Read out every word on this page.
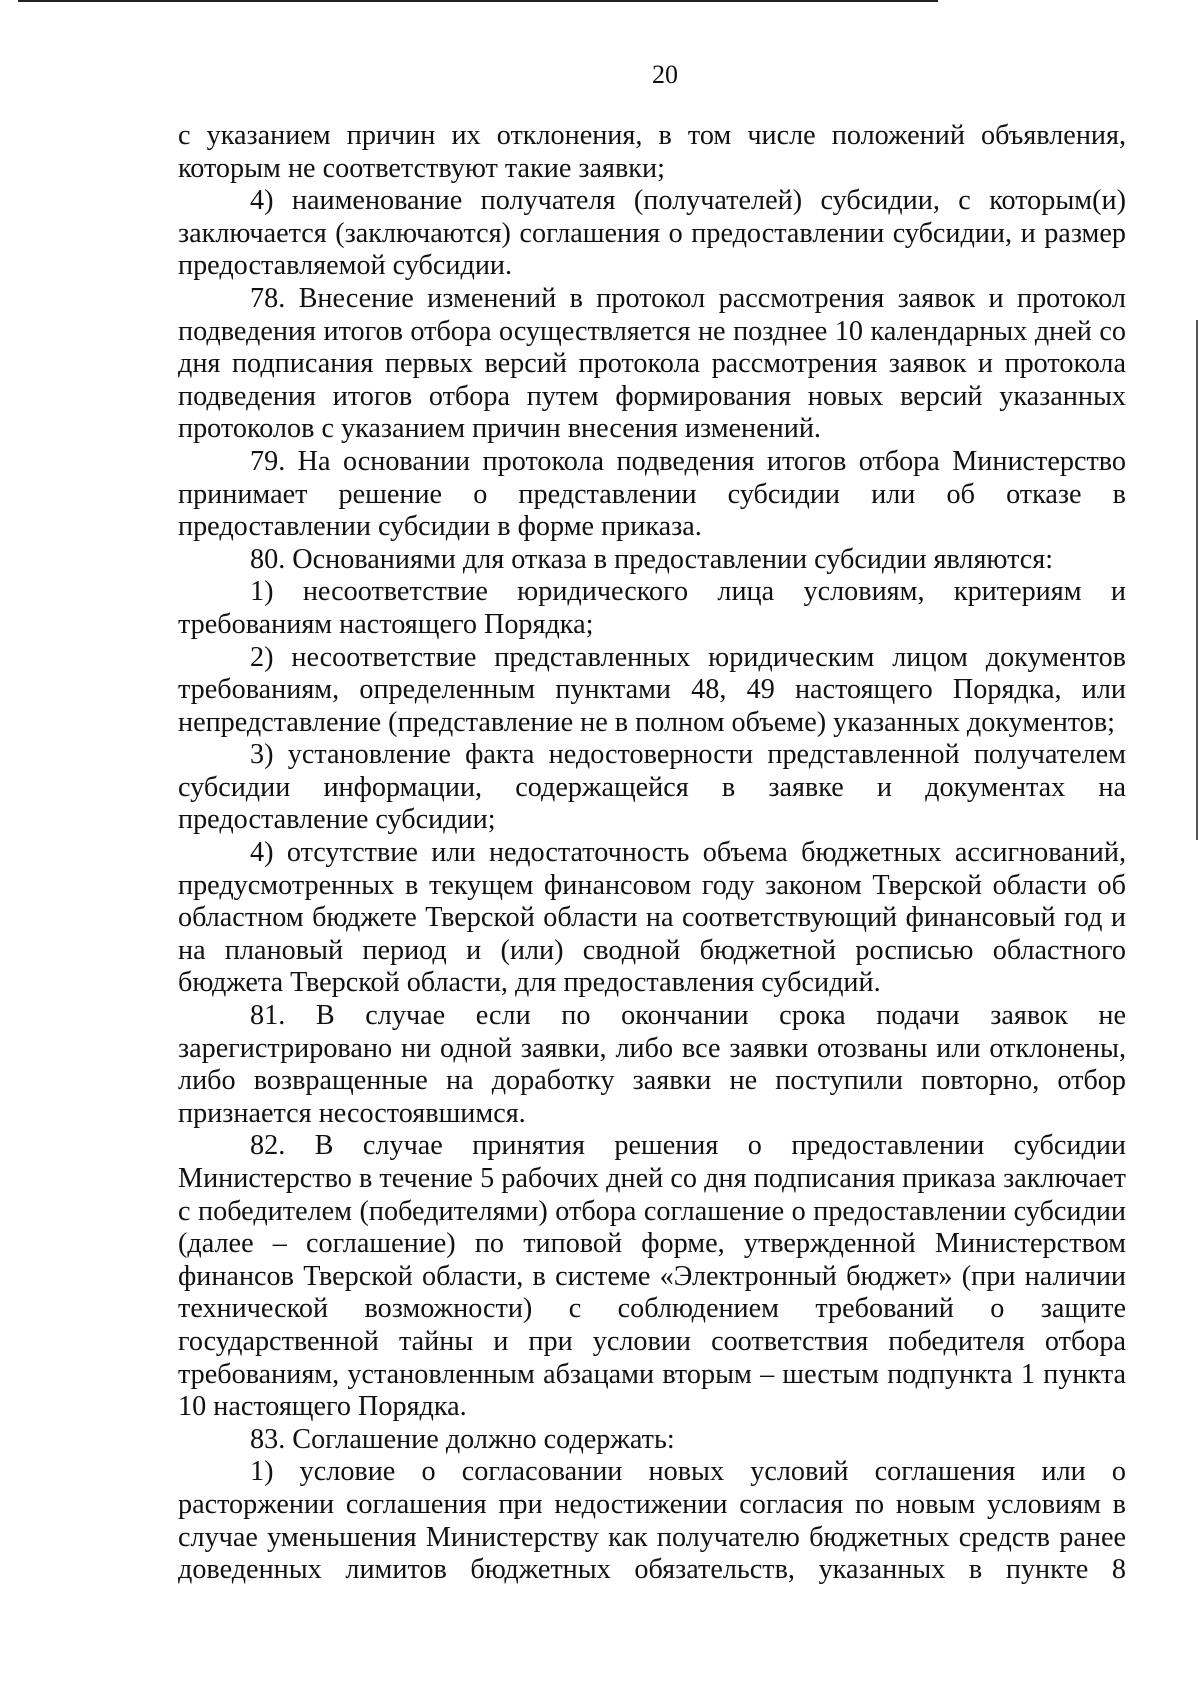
20

с указанием причин их отклонения, в том числе положений объявления, которым не соответствуют такие заявки;

4) наименование получателя (получателей) субсидии, с которым(и) заключается (заключаются) соглашения о предоставлении субсидии, и размер предоставляемой субсидии.

78. Внесение изменений в протокол рассмотрения заявок и протокол подведения итогов отбора осуществляется не позднее 10 календарных дней со дня подписания первых версий протокола рассмотрения заявок и протокола подведения итогов отбора путем формирования новых версий указанных протоколов с указанием причин внесения изменений.

79. На основании протокола подведения итогов отбора Министерство принимает решение о представлении субсидии или об отказе в предоставлении субсидии в форме приказа.

80. Основаниями для отказа в предоставлении субсидии являются:

1) несоответствие юридического лица условиям, критериям и требованиям настоящего Порядка;

2) несоответствие представленных юридическим лицом документов требованиям, определенным пунктами 48, 49 настоящего Порядка, или непредставление (представление не в полном объеме) указанных документов;

3) установление факта недостоверности представленной получателем субсидии информации, содержащейся в заявке и документах на предоставление субсидии;

4) отсутствие или недостаточность объема бюджетных ассигнований, предусмотренных в текущем финансовом году законом Тверской области об областном бюджете Тверской области на соответствующий финансовый год и на плановый период и (или) сводной бюджетной росписью областного бюджета Тверской области, для предоставления субсидий.

81. В случае если по окончании срока подачи заявок не зарегистрировано ни одной заявки, либо все заявки отозваны или отклонены, либо возвращенные на доработку заявки не поступили повторно, отбор признается несостоявшимся.

82. В случае принятия решения о предоставлении субсидии Министерство в течение 5 рабочих дней со дня подписания приказа заключает с победителем (победителями) отбора соглашение о предоставлении субсидии (далее – соглашение) по типовой форме, утвержденной Министерством финансов Тверской области, в системе «Электронный бюджет» (при наличии технической возможности) с соблюдением требований о защите государственной тайны и при условии соответствия победителя отбора требованиям, установленным абзацами вторым – шестым подпункта 1 пункта 10 настоящего Порядка.

83. Соглашение должно содержать:

1) условие о согласовании новых условий соглашения или о расторжении соглашения при недостижении согласия по новым условиям в случае уменьшения Министерству как получателю бюджетных средств ранее доведенных лимитов бюджетных обязательств, указанных в пункте 8
